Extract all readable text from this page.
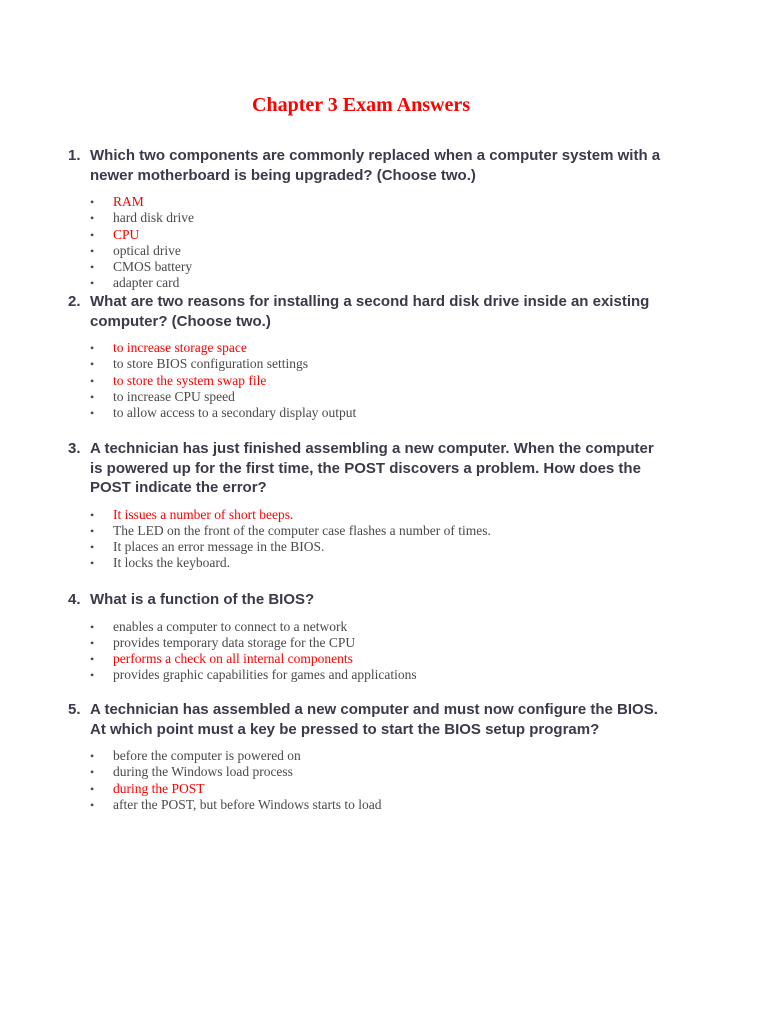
Chapter 3 Exam Answers
1. Which two components are commonly replaced when a computer system with a newer motherboard is being upgraded? (Choose two.)
• RAM
• hard disk drive
• CPU
• optical drive
• CMOS battery
• adapter card
2. What are two reasons for installing a second hard disk drive inside an existing computer? (Choose two.)
• to increase storage space
• to store BIOS configuration settings
• to store the system swap file
• to increase CPU speed
• to allow access to a secondary display output
3. A technician has just finished assembling a new computer. When the computer is powered up for the first time, the POST discovers a problem. How does the POST indicate the error?
• It issues a number of short beeps.
• The LED on the front of the computer case flashes a number of times.
• It places an error message in the BIOS.
• It locks the keyboard.
4. What is a function of the BIOS?
• enables a computer to connect to a network
• provides temporary data storage for the CPU
• performs a check on all internal components
• provides graphic capabilities for games and applications
5. A technician has assembled a new computer and must now configure the BIOS. At which point must a key be pressed to start the BIOS setup program?
• before the computer is powered on
• during the Windows load process
• during the POST
• after the POST, but before Windows starts to load
